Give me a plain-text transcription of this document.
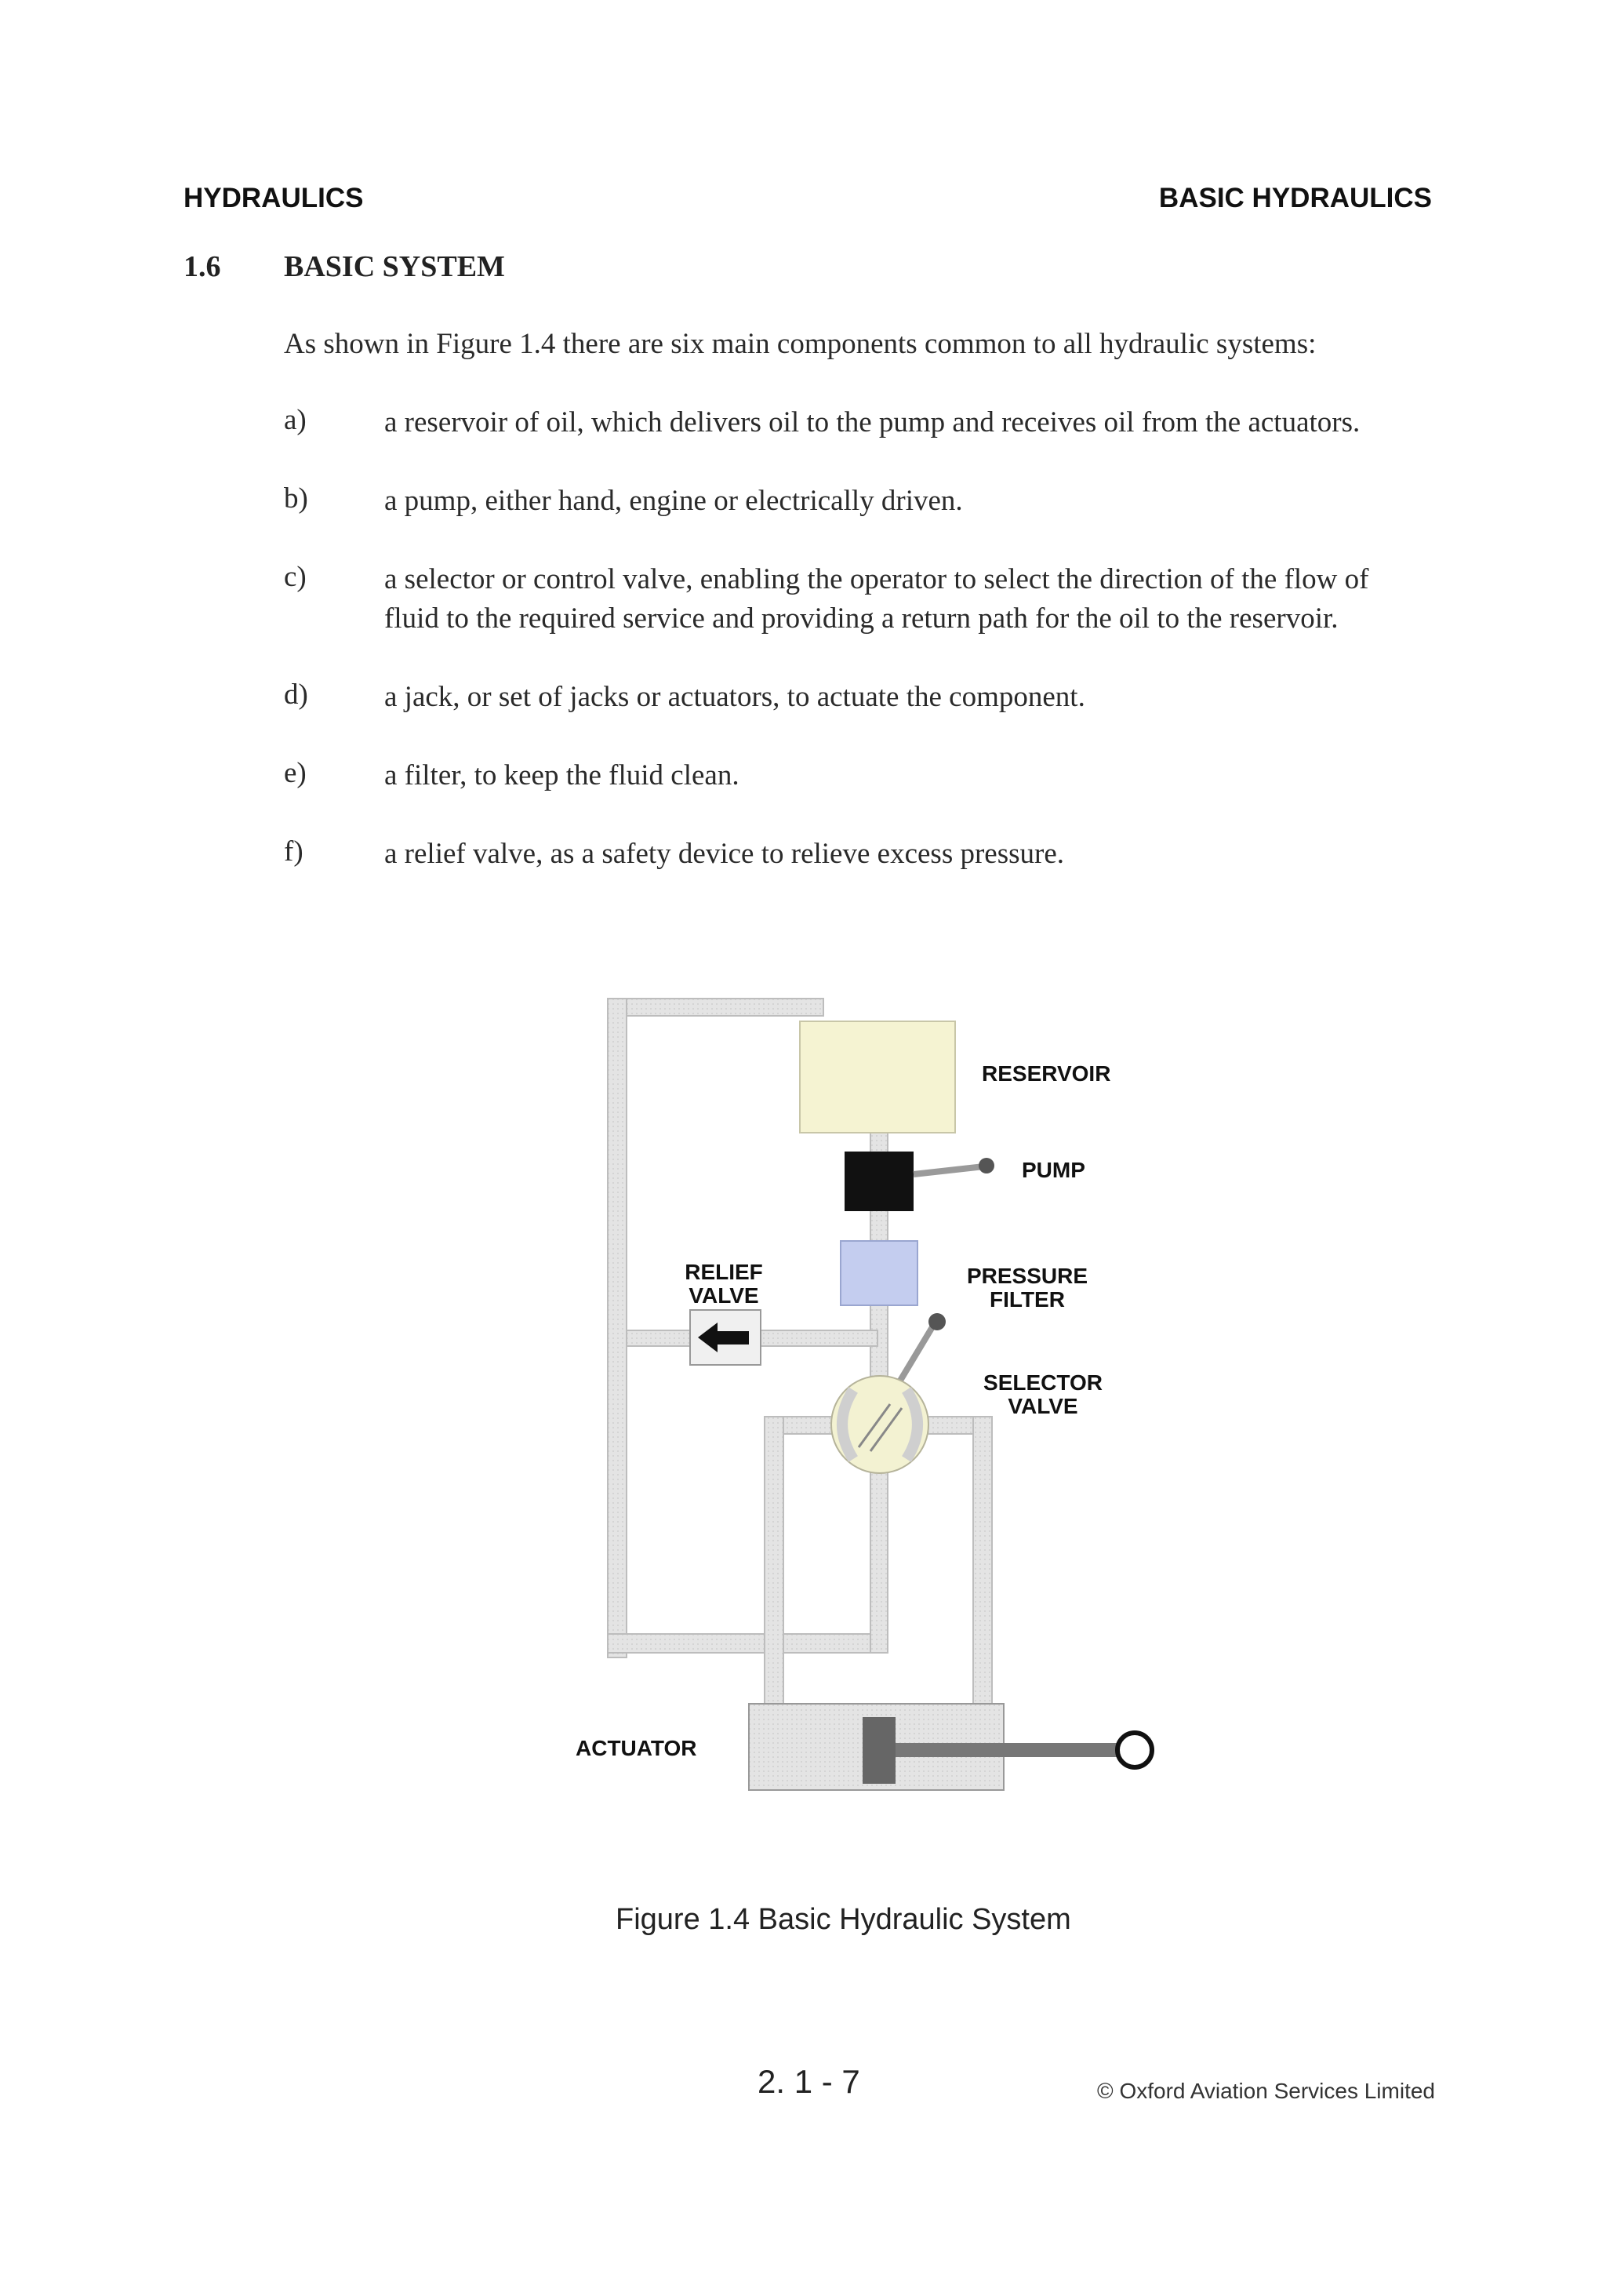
HYDRAULICS	BASIC HYDRAULICS
1.6 BASIC SYSTEM
As shown in Figure 1.4 there are six main components common to all hydraulic systems:
a)	a reservoir of oil, which delivers oil to the pump and receives oil from the actuators.
b)	a pump, either hand, engine or electrically driven.
c)	a selector or control valve, enabling the operator to select the direction of the flow of
fluid to the required service and providing a return path for the oil to the reservoir.
d)	a jack, or set of jacks or actuators, to actuate the component.
e)	a filter, to keep the fluid clean.
f)	a relief valve, as a safety device to relieve excess pressure.
RESERVOIR
PUMP
RELIEF
VALVE
PRESSURE
FILTER
SELECTOR
VALVE
ACTUATOR
Figure 1.4 Basic Hydraulic System
2. 1 - 7	© Oxford Aviation Services Limited
